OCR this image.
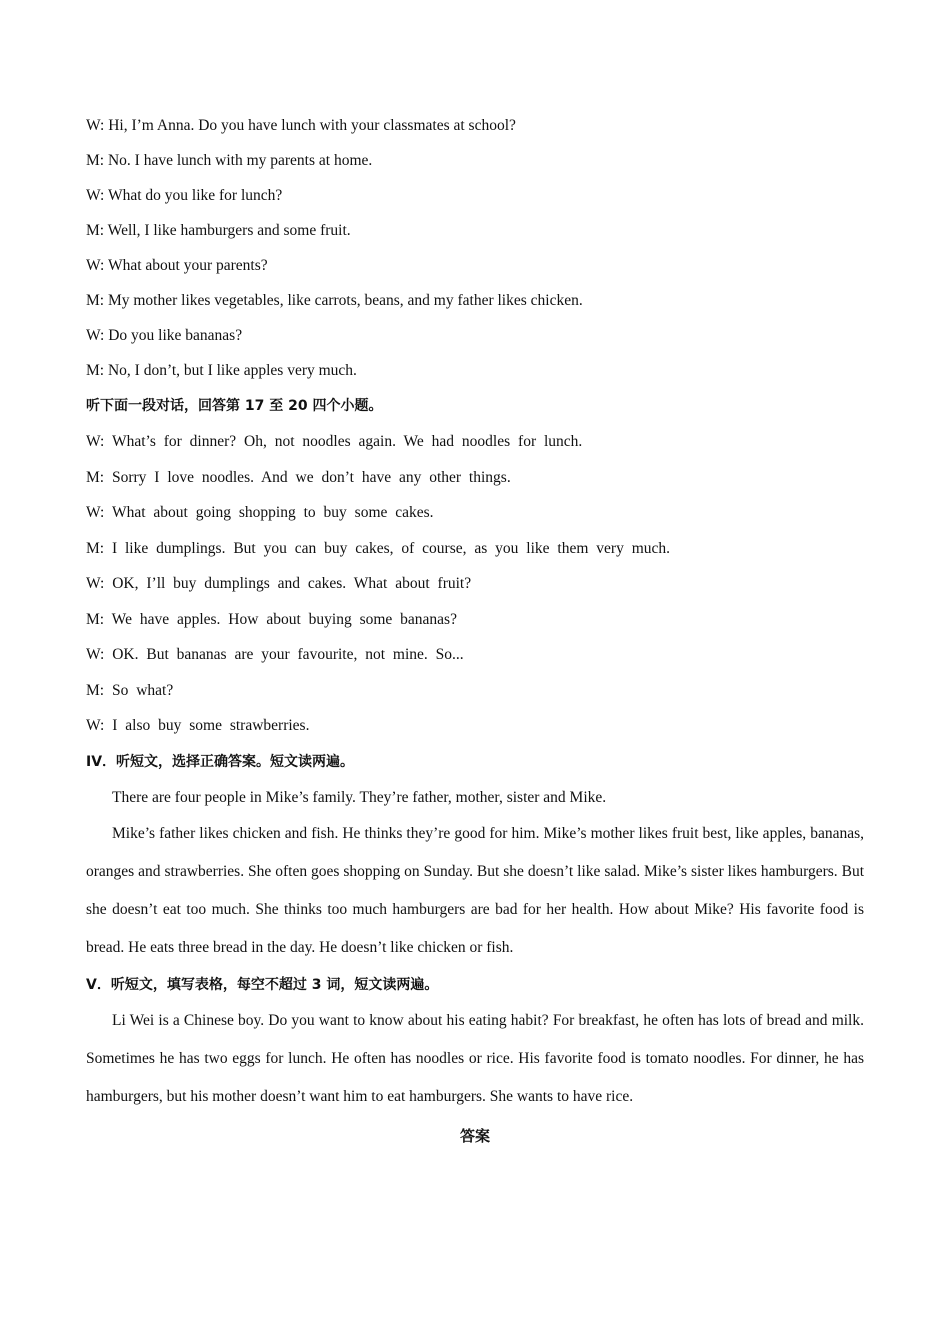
W: Hi, I’m Anna. Do you have lunch with your classmates at school?

M: No. I have lunch with my parents at home.

W: What do you like for lunch?

M: Well, I like hamburgers and some fruit.

W: What about your parents?

M: My mother likes vegetables, like carrots, beans, and my father likes chicken.

W: Do you like bananas?

M: No, I don’t, but I like apples very much.

听下面一段对话，回答第 17 至 20 四个小题。

W: What’s for dinner? Oh, not noodles again. We had noodles for lunch.

M: Sorry I love noodles. And we don’t have any other things.

W: What about going shopping to buy some cakes.

M: I like dumplings. But you can buy cakes, of course, as you like them very much.

W: OK, I’ll buy dumplings and cakes. What about fruit?

M: We have apples. How about buying some bananas?

W: OK. But bananas are your favourite, not mine. So...

M: So what?

W: I also buy some strawberries.

IV．听短文，选择正确答案。短文读两遍。

There are four people in Mike’s family. They’re father, mother, sister and Mike.

Mike’s father likes chicken and fish. He thinks they’re good for him. Mike’s mother likes fruit best, like apples, bananas, oranges and strawberries. She often goes shopping on Sunday. But she doesn’t like salad. Mike’s sister likes hamburgers. But she doesn’t eat too much. She thinks too much hamburgers are bad for her health. How about Mike? His favorite food is bread. He eats three bread in the day. He doesn’t like chicken or fish.

V．听短文，填写表格，每空不超过 3 词，短文读两遍。

Li Wei is a Chinese boy. Do you want to know about his eating habit? For breakfast, he often has lots of bread and milk. Sometimes he has two eggs for lunch. He often has noodles or rice. His favorite food is tomato noodles. For dinner, he has hamburgers, but his mother doesn’t want him to eat hamburgers. She wants to have rice.

答案
